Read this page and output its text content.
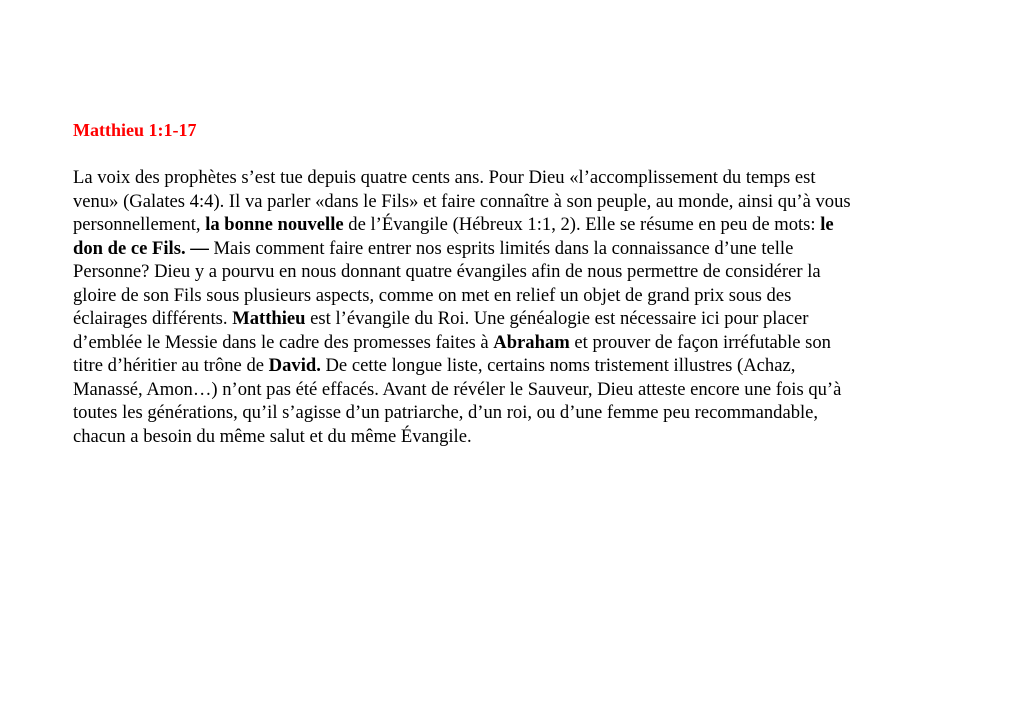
Matthieu 1:1-17

La voix des prophètes s’est tue depuis quatre cents ans. Pour Dieu «l’accomplissement du temps est
venu» (Galates 4:4). Il va parler «dans le Fils» et faire connaître à son peuple, au monde, ainsi qu’à vous
personnellement, la bonne nouvelle de l’Évangile (Hébreux 1:1, 2). Elle se résume en peu de mots: le
don de ce Fils. — Mais comment faire entrer nos esprits limités dans la connaissance d’une telle
Personne? Dieu y a pourvu en nous donnant quatre évangiles afin de nous permettre de considérer la
gloire de son Fils sous plusieurs aspects, comme on met en relief un objet de grand prix sous des
éclairages différents. Matthieu est l’évangile du Roi. Une généalogie est nécessaire ici pour placer
d’emblée le Messie dans le cadre des promesses faites à Abraham et prouver de façon irréfutable son
titre d’héritier au trône de David. De cette longue liste, certains noms tristement illustres (Achaz,
Manassé, Amon…) n’ont pas été effacés. Avant de révéler le Sauveur, Dieu atteste encore une fois qu’à
toutes les générations, qu’il s’agisse d’un patriarche, d’un roi, ou d’une femme peu recommandable,
chacun a besoin du même salut et du même Évangile.
